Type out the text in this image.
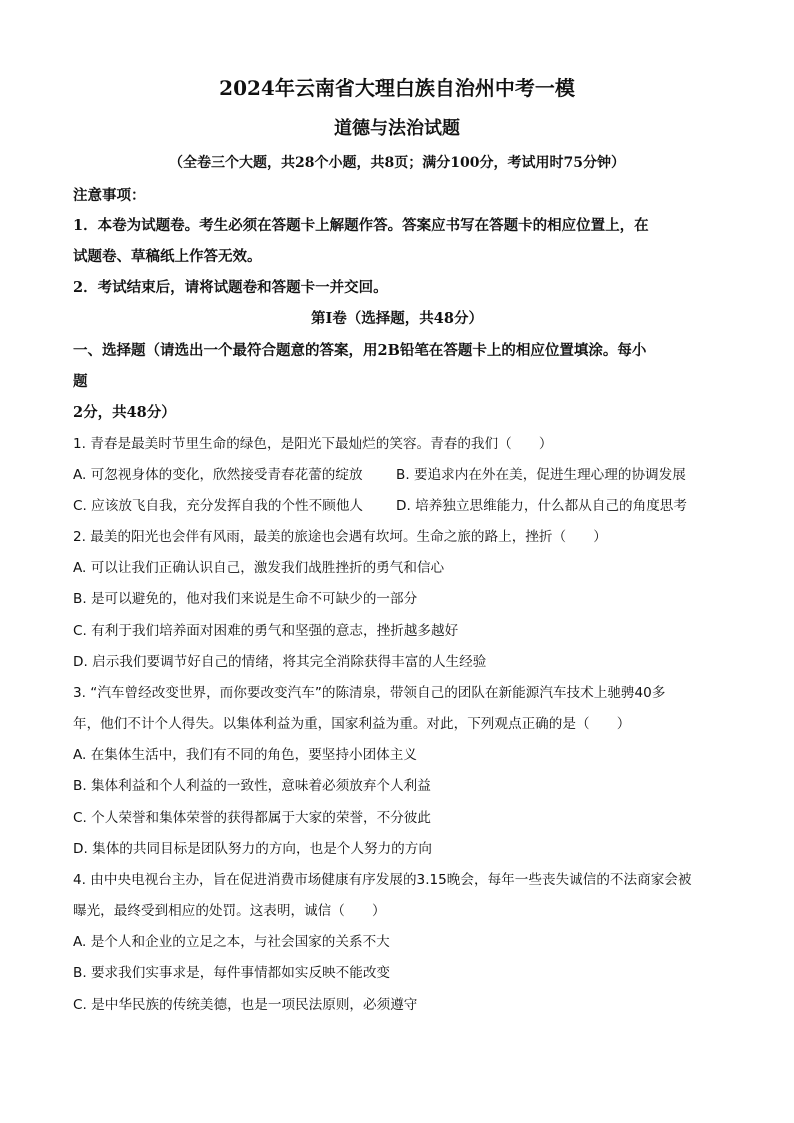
2024年云南省大理白族自治州中考一模
道德与法治试题
（全卷三个大题，共28个小题，共8页；满分100分，考试用时75分钟）
注意事项：
1．本卷为试题卷。考生必须在答题卡上解题作答。答案应书写在答题卡的相应位置上，在
试题卷、草稿纸上作答无效。
2．考试结束后，请将试题卷和答题卡一并交回。
第Ⅰ卷（选择题，共48分）
一、选择题（请选出一个最符合题意的答案，用2B铅笔在答题卡上的相应位置填涂。每小
题
2分，共48分）
1. 青春是最美时节里生命的绿色，是阳光下最灿烂的笑容。青春的我们（　　）
A. 可忽视身体的变化，欣然接受青春花蕾的绽放 B. 要追求内在外在美，促进生理心理的协调发展
C. 应该放飞自我，充分发挥自我的个性不顾他人 D. 培养独立思维能力，什么都从自己的角度思考
2. 最美的阳光也会伴有风雨，最美的旅途也会遇有坎坷。生命之旅的路上，挫折（　　）
A. 可以让我们正确认识自己，激发我们战胜挫折的勇气和信心
B. 是可以避免的，他对我们来说是生命不可缺少的一部分
C. 有利于我们培养面对困难的勇气和坚强的意志，挫折越多越好
D. 启示我们要调节好自己的情绪，将其完全消除获得丰富的人生经验
3. “汽车曾经改变世界，而你要改变汽车”的陈清泉，带领自己的团队在新能源汽车技术上驰骋40多
年，他们不计个人得失。以集体利益为重，国家利益为重。对此，下列观点正确的是（　　）
A. 在集体生活中，我们有不同的角色，要坚持小团体主义
B. 集体利益和个人利益的一致性，意味着必须放弃个人利益
C. 个人荣誉和集体荣誉的获得都属于大家的荣誉，不分彼此
D. 集体的共同目标是团队努力的方向，也是个人努力的方向
4. 由中央电视台主办，旨在促进消费市场健康有序发展的3.15晚会，每年一些丧失诚信的不法商家会被
曝光，最终受到相应的处罚。这表明，诚信（　　）
A. 是个人和企业的立足之本，与社会国家的关系不大
B. 要求我们实事求是，每件事情都如实反映不能改变
C. 是中华民族的传统美德，也是一项民法原则，必须遵守
